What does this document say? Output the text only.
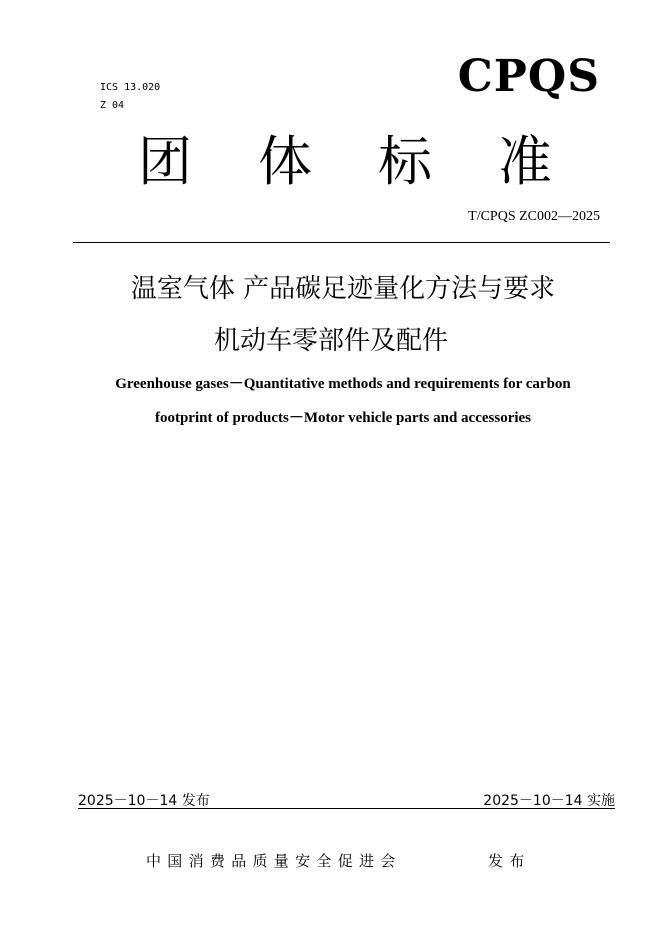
ICS 13.020
Z 04
CPQS
团 体 标 准
T/CPQS ZC002—2025
温室气体 产品碳足迹量化方法与要求
机动车零部件及配件
Greenhouse gases－Quantitative methods and requirements for carbon
footprint of products－Motor vehicle parts and accessories
2025－10－14 发布	2025－10－14 实施
中国消费品质量安全促进会	发布
